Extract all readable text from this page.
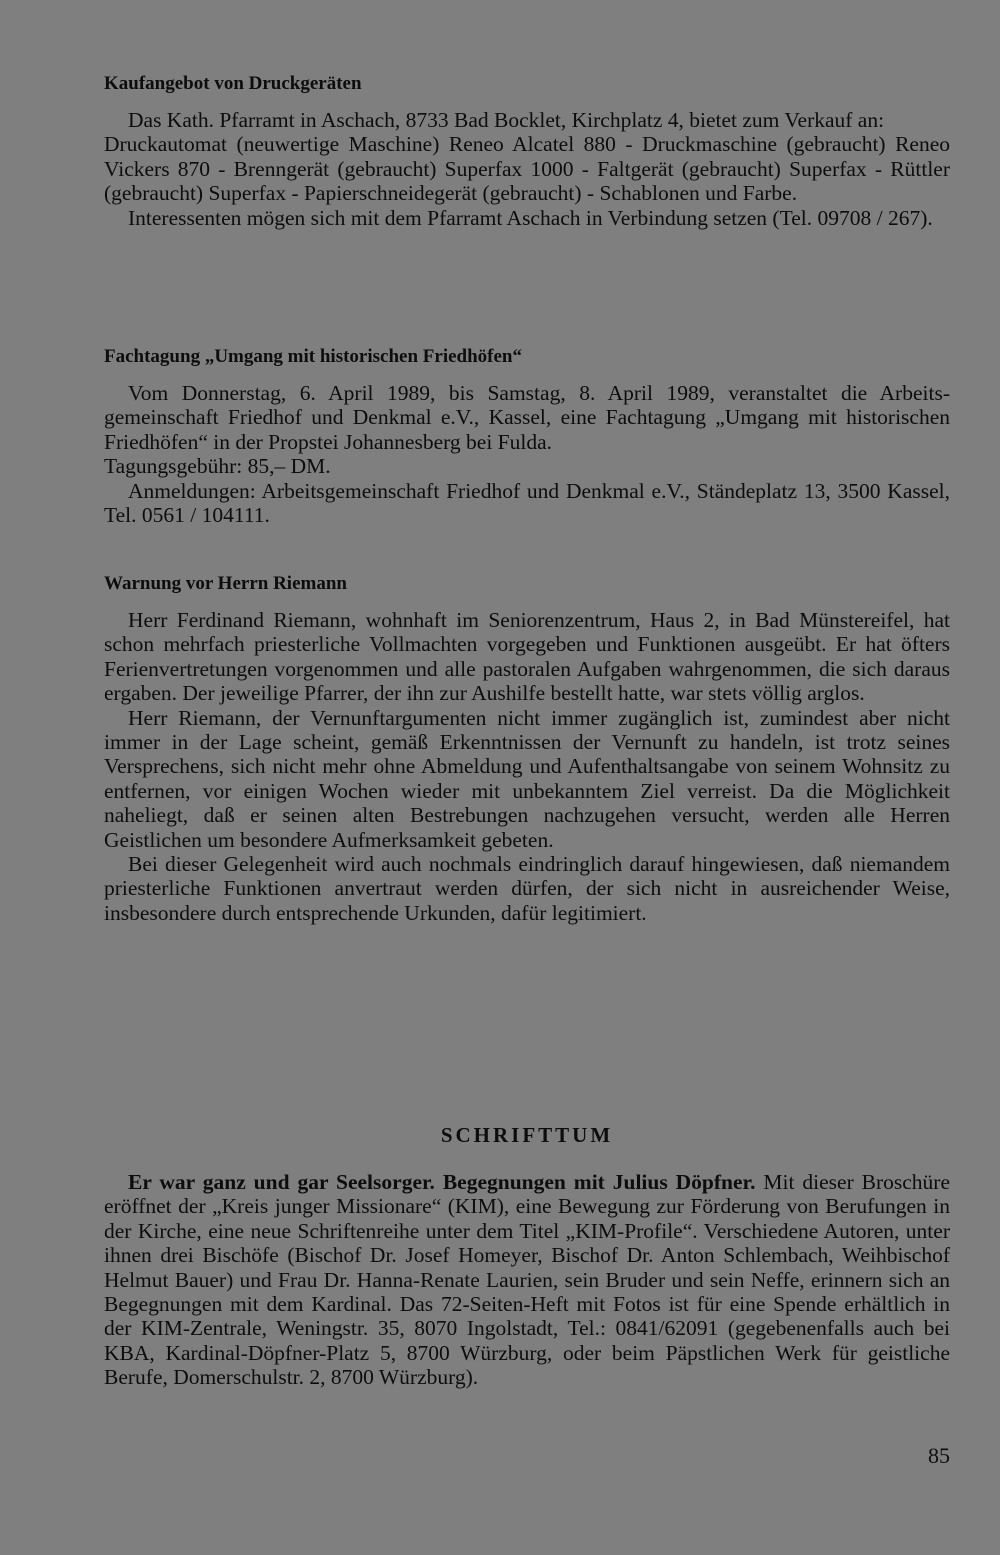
Kaufangebot von Druckgeräten

Das Kath. Pfarramt in Aschach, 8733 Bad Bocklet, Kirchplatz 4, bietet zum Verkauf an:

Druckautomat (neuwertige Maschine) Reneo Alcatel 880 - Druckmaschine (gebraucht) Reneo Vickers 870 - Brenngerät (gebraucht) Superfax 1000 - Faltgerät (gebraucht) Superfax - Rüttler (gebraucht) Superfax - Papierschneidegerät (gebraucht) - Schablonen und Farbe.

Interessenten mögen sich mit dem Pfarramt Aschach in Verbindung setzen (Tel. 09708 / 267).

Fachtagung „Umgang mit historischen Friedhöfen“

Vom Donnerstag, 6. April 1989, bis Samstag, 8. April 1989, veranstaltet die Arbeitsgemeinschaft Friedhof und Denkmal e.V., Kassel, eine Fachtagung „Umgang mit historischen Friedhöfen“ in der Propstei Johannesberg bei Fulda.

Tagungsgebühr: 85,– DM.

Anmeldungen: Arbeitsgemeinschaft Friedhof und Denkmal e.V., Ständeplatz 13, 3500 Kassel, Tel. 0561 / 104111.

Warnung vor Herrn Riemann

Herr Ferdinand Riemann, wohnhaft im Seniorenzentrum, Haus 2, in Bad Münstereifel, hat schon mehrfach priesterliche Vollmachten vorgegeben und Funktionen ausgeübt. Er hat öfters Ferienvertretungen vorgenommen und alle pastoralen Aufgaben wahrgenommen, die sich daraus ergaben. Der jeweilige Pfarrer, der ihn zur Aushilfe bestellt hatte, war stets völlig arglos.

Herr Riemann, der Vernunftargumenten nicht immer zugänglich ist, zumindest aber nicht immer in der Lage scheint, gemäß Erkenntnissen der Vernunft zu handeln, ist trotz seines Versprechens, sich nicht mehr ohne Abmeldung und Aufenthaltsangabe von seinem Wohnsitz zu entfernen, vor einigen Wochen wieder mit unbekanntem Ziel verreist. Da die Möglichkeit naheliegt, daß er seinen alten Bestrebungen nachzugehen versucht, werden alle Herren Geistlichen um besondere Aufmerksamkeit gebeten.

Bei dieser Gelegenheit wird auch nochmals eindringlich darauf hingewiesen, daß niemandem priesterliche Funktionen anvertraut werden dürfen, der sich nicht in ausreichender Weise, insbesondere durch entsprechende Urkunden, dafür legitimiert.

SCHRIFTTUM

Er war ganz und gar Seelsorger. Begegnungen mit Julius Döpfner. Mit dieser Broschüre eröffnet der „Kreis junger Missionare“ (KIM), eine Bewegung zur Förderung von Berufungen in der Kirche, eine neue Schriftenreihe unter dem Titel „KIM-Profile“. Verschiedene Autoren, unter ihnen drei Bischöfe (Bischof Dr. Josef Homeyer, Bischof Dr. Anton Schlembach, Weihbischof Helmut Bauer) und Frau Dr. Hanna-Renate Laurien, sein Bruder und sein Neffe, erinnern sich an Begegnungen mit dem Kardinal. Das 72-Seiten-Heft mit Fotos ist für eine Spende erhältlich in der KIM-Zentrale, Weningstr. 35, 8070 Ingolstadt, Tel.: 0841/62091 (gegebenenfalls auch bei KBA, Kardinal-Döpfner-Platz 5, 8700 Würzburg, oder beim Päpstlichen Werk für geistliche Berufe, Domerschulstr. 2, 8700 Würzburg).

85
